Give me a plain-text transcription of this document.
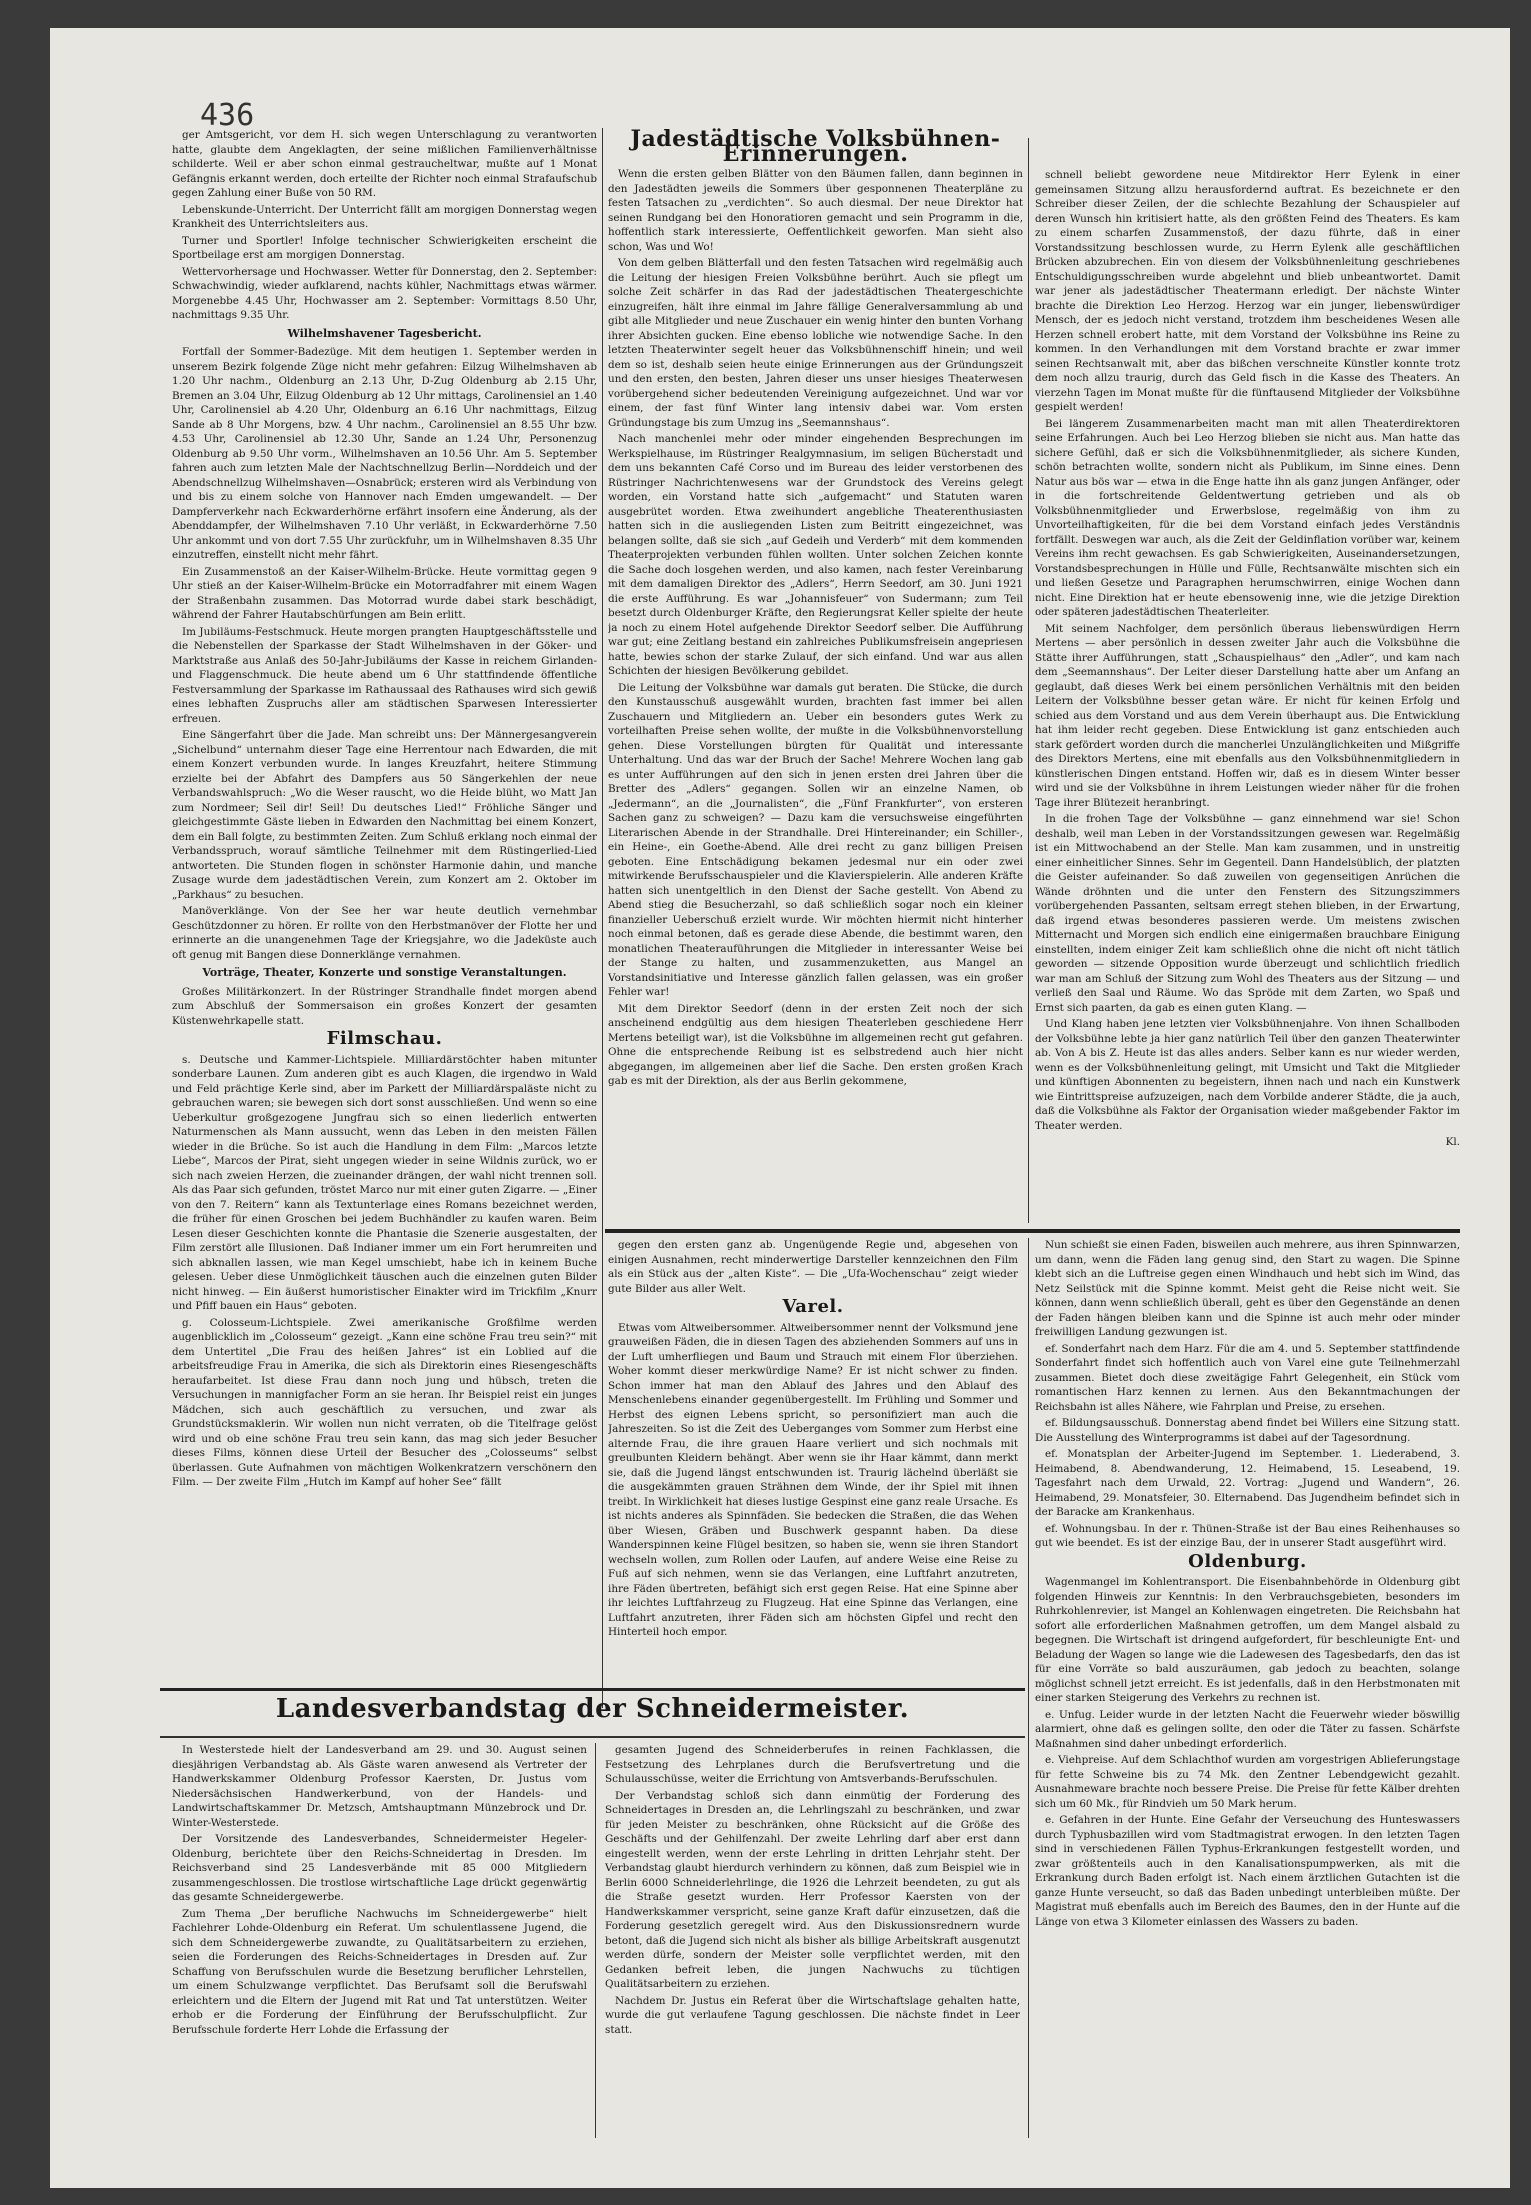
436

ger Amtsgericht, vor dem H. sich wegen Unterschlagung zu verantworten hatte, glaubte dem Angeklagten, der seine mißlichen Familienverhältnisse schilderte. Weil er aber schon einmal gestraucheltwar, mußte auf 1 Monat Gefängnis erkannt werden, doch erteilte der Richter noch einmal Strafaufschub gegen Zahlung einer Buße von 50 RM.

Lebenskunde-Unterricht. Der Unterricht fällt am morgigen Donnerstag wegen Krankheit des Unterrichtsleiters aus.

Turner und Sportler! Infolge technischer Schwierigkeiten erscheint die Sportbeilage erst am morgigen Donnerstag.

Wettervorhersage und Hochwasser. Wetter für Donnerstag, den 2. September: Schwachwindig, wieder aufklarend, nachts kühler, Nachmittags etwas wärmer. Morgenebbe 4.45 Uhr, Hochwasser am 2. September: Vormittags 8.50 Uhr, nachmittags 9.35 Uhr.

Wilhelmshavener Tagesbericht.

Fortfall der Sommer-Badezüge. Mit dem heutigen 1. September werden in unserem Bezirk folgende Züge nicht mehr gefahren: Eilzug Wilhelmshaven ab 1.20 Uhr nachm., Oldenburg an 2.13 Uhr, D-Zug Oldenburg ab 2.15 Uhr, Bremen an 3.04 Uhr, Eilzug Oldenburg ab 12 Uhr mittags, Carolinensiel an 1.40 Uhr, Carolinensiel ab 4.20 Uhr, Oldenburg an 6.16 Uhr nachmittags, Eilzug Sande ab 8 Uhr Morgens, bzw. 4 Uhr nachm., Carolinensiel an 8.55 Uhr bzw. 4.53 Uhr, Carolinensiel ab 12.30 Uhr, Sande an 1.24 Uhr, Personenzug Oldenburg ab 9.50 Uhr vorm., Wilhelmshaven an 10.56 Uhr. Am 5. September fahren auch zum letzten Male der Nachtschnellzug Berlin—Norddeich und der Abendschnellzug Wilhelmshaven—Osnabrück; ersteren wird als Verbindung von und bis zu einem solche von Hannover nach Emden umgewandelt. — Der Dampferverkehr nach Eckwarderhörne erfährt insofern eine Änderung, als der Abenddampfer, der Wilhelmshaven 7.10 Uhr verläßt, in Eckwarderhörne 7.50 Uhr ankommt und von dort 7.55 Uhr zurückfuhr, um in Wilhelmshaven 8.35 Uhr einzutreffen, einstellt nicht mehr fährt.

Ein Zusammenstoß an der Kaiser-Wilhelm-Brücke. Heute vormittag gegen 9 Uhr stieß an der Kaiser-Wilhelm-Brücke ein Motorradfahrer mit einem Wagen der Straßenbahn zusammen. Das Motorrad wurde dabei stark beschädigt, während der Fahrer Hautabschürfungen am Bein erlitt.

Im Jubiläums-Festschmuck. Heute morgen prangten Hauptgeschäftsstelle und die Nebenstellen der Sparkasse der Stadt Wilhelmshaven in der Göker- und Marktstraße aus Anlaß des 50-Jahr-Jubiläums der Kasse in reichem Girlanden- und Flaggenschmuck. Die heute abend um 6 Uhr stattfindende öffentliche Festversammlung der Sparkasse im Rathaussaal des Rathauses wird sich gewiß eines lebhaften Zuspruchs aller am städtischen Sparwesen Interessierter erfreuen.

Eine Sängerfahrt über die Jade. Man schreibt uns: Der Männergesangverein „Sichelbund“ unternahm dieser Tage eine Herrentour nach Edwarden, die mit einem Konzert verbunden wurde. In langes Kreuzfahrt, heitere Stimmung erzielte bei der Abfahrt des Dampfers aus 50 Sängerkehlen der neue Verbandswahlspruch: „Wo die Weser rauscht, wo die Heide blüht, wo Matt Jan zum Nordmeer; Seil dir! Seil! Du deutsches Lied!“ Fröhliche Sänger und gleichgestimmte Gäste lieben in Edwarden den Nachmittag bei einem Konzert, dem ein Ball folgte, zu bestimmten Zeiten. Zum Schluß erklang noch einmal der Verbandsspruch, worauf sämtliche Teilnehmer mit dem Rüstingerlied-Lied antworteten. Die Stunden flogen in schönster Harmonie dahin, und manche Zusage wurde dem jadestädtischen Verein, zum Konzert am 2. Oktober im „Parkhaus“ zu besuchen.

Manöverklänge. Von der See her war heute deutlich vernehmbar Geschützdonner zu hören. Er rollte von den Herbstmanöver der Flotte her und erinnerte an die unangenehmen Tage der Kriegsjahre, wo die Jadeküste auch oft genug mit Bangen diese Donnerklänge vernahmen.

Vorträge, Theater, Konzerte und sonstige Veranstaltungen.

Großes Militärkonzert. In der Rüstringer Strandhalle findet morgen abend zum Abschluß der Sommersaison ein großes Konzert der gesamten Küstenwehrkapelle statt.

Filmschau.

s. Deutsche und Kammer-Lichtspiele. Milliardärstöchter haben mitunter sonderbare Launen. Zum anderen gibt es auch Klagen, die irgendwo in Wald und Feld prächtige Kerle sind, aber im Parkett der Milliardärspaläste nicht zu gebrauchen waren; sie bewegen sich dort sonst ausschließen. Und wenn so eine Ueberkultur großgezogene Jungfrau sich so einen liederlich entwerten Naturmenschen als Mann aussucht, wenn das Leben in den meisten Fällen wieder in die Brüche. So ist auch die Handlung in dem Film: „Marcos letzte Liebe“, Marcos der Pirat, sieht ungegen wieder in seine Wildnis zurück, wo er sich nach zweien Herzen, die zueinander drängen, der wahl nicht trennen soll. Als das Paar sich gefunden, tröstet Marco nur mit einer guten Zigarre. — „Einer von den 7. Reitern“ kann als Textunterlage eines Romans bezeichnet werden, die früher für einen Groschen bei jedem Buchhändler zu kaufen waren. Beim Lesen dieser Geschichten konnte die Phantasie die Szenerie ausgestalten, der Film zerstört alle Illusionen. Daß Indianer immer um ein Fort herumreiten und sich abknallen lassen, wie man Kegel umschiebt, habe ich in keinem Buche gelesen. Ueber diese Unmöglichkeit täuschen auch die einzelnen guten Bilder nicht hinweg. — Ein äußerst humoristischer Einakter wird im Trickfilm „Knurr und Pfiff bauen ein Haus“ geboten.

g. Colosseum-Lichtspiele. Zwei amerikanische Großfilme werden augenblicklich im „Colosseum“ gezeigt. „Kann eine schöne Frau treu sein?“ mit dem Untertitel „Die Frau des heißen Jahres“ ist ein Loblied auf die arbeitsfreudige Frau in Amerika, die sich als Direktorin eines Riesengeschäfts heraufarbeitet. Ist diese Frau dann noch jung und hübsch, treten die Versuchungen in mannigfacher Form an sie heran. Ihr Beispiel reist ein junges Mädchen, sich auch geschäftlich zu versuchen, und zwar als Grundstücksmaklerin. Wir wollen nun nicht verraten, ob die Titelfrage gelöst wird und ob eine schöne Frau treu sein kann, das mag sich jeder Besucher dieses Films, können diese Urteil der Besucher des „Colosseums“ selbst überlassen. Gute Aufnahmen von mächtigen Wolkenkratzern verschönern den Film. — Der zweite Film „Hutch im Kampf auf hoher See“ fällt

Jadestädtische Volksbühnen-Erinnerungen.

Wenn die ersten gelben Blätter von den Bäumen fallen, dann beginnen in den Jadestädten jeweils die Sommers über gesponnenen Theaterpläne zu festen Tatsachen zu „verdichten“. So auch diesmal. Der neue Direktor hat seinen Rundgang bei den Honoratioren gemacht und sein Programm in die, hoffentlich stark interessierte, Oeffentlichkeit geworfen. Man sieht also schon, Was und Wo!

Von dem gelben Blätterfall und den festen Tatsachen wird regelmäßig auch die Leitung der hiesigen Freien Volksbühne berührt. Auch sie pflegt um solche Zeit schärfer in das Rad der jadestädtischen Theatergeschichte einzugreifen, hält ihre einmal im Jahre fällige Generalversammlung ab und gibt alle Mitglieder und neue Zuschauer ein wenig hinter den bunten Vorhang ihrer Absichten gucken. Eine ebenso lobliche wie notwendige Sache. In den letzten Theaterwinter segelt heuer das Volksbühnenschiff hinein; und weil dem so ist, deshalb seien heute einige Erinnerungen aus der Gründungszeit und den ersten, den besten, Jahren dieser uns unser hiesiges Theaterwesen vorübergehend sicher bedeutenden Vereinigung aufgezeichnet. Und war vor einem, der fast fünf Winter lang intensiv dabei war. Vom ersten Gründungstage bis zum Umzug ins „Seemannshaus“.

Nach manchenlei mehr oder minder eingehenden Besprechungen im Werkspielhause, im Rüstringer Realgymnasium, im seligen Bücherstadt und dem uns bekannten Café Corso und im Bureau des leider verstorbenen des Rüstringer Nachrichtenwesens war der Grundstock des Vereins gelegt worden, ein Vorstand hatte sich „aufgemacht“ und Statuten waren ausgebrütet worden. Etwa zweihundert angebliche Theaterenthusiasten hatten sich in die ausliegenden Listen zum Beitritt eingezeichnet, was belangen sollte, daß sie sich „auf Gedeih und Verderb“ mit dem kommenden Theaterprojekten verbunden fühlen wollten. Unter solchen Zeichen konnte die Sache doch losgehen werden, und also kamen, nach fester Vereinbarung mit dem damaligen Direktor des „Adlers“, Herrn Seedorf, am 30. Juni 1921 die erste Aufführung. Es war „Johannisfeuer“ von Sudermann; zum Teil besetzt durch Oldenburger Kräfte, den Regierungsrat Keller spielte der heute ja noch zu einem Hotel aufgehende Direktor Seedorf selber. Die Aufführung war gut; eine Zeitlang bestand ein zahlreiches Publikumsfreisein angepriesen hatte, bewies schon der starke Zulauf, der sich einfand. Und war aus allen Schichten der hiesigen Bevölkerung gebildet.

Die Leitung der Volksbühne war damals gut beraten. Die Stücke, die durch den Kunstausschuß ausgewählt wurden, brachten fast immer bei allen Zuschauern und Mitgliedern an. Ueber ein besonders gutes Werk zu vorteilhaften Preise sehen wollte, der mußte in die Volksbühnenvorstellung gehen. Diese Vorstellungen bürgten für Qualität und interessante Unterhaltung. Und das war der Bruch der Sache! Mehrere Wochen lang gab es unter Aufführungen auf den sich in jenen ersten drei Jahren über die Bretter des „Adlers“ gegangen. Sollen wir an einzelne Namen, ob „Jedermann“, an die „Journalisten“, die „Fünf Frankfurter“, von ersteren Sachen ganz zu schweigen? — Dazu kam die versuchsweise eingeführten Literarischen Abende in der Strandhalle. Drei Hintereinander; ein Schiller-, ein Heine-, ein Goethe-Abend. Alle drei recht zu ganz billigen Preisen geboten. Eine Entschädigung bekamen jedesmal nur ein oder zwei mitwirkende Berufsschauspieler und die Klavierspielerin. Alle anderen Kräfte hatten sich unentgeltlich in den Dienst der Sache gestellt. Von Abend zu Abend stieg die Besucherzahl, so daß schließlich sogar noch ein kleiner finanzieller Ueberschuß erzielt wurde. Wir möchten hiermit nicht hinterher noch einmal betonen, daß es gerade diese Abende, die bestimmt waren, den monatlichen Theaterauführungen die Mitglieder in interessanter Weise bei der Stange zu halten, und zusammenzuketten, aus Mangel an Vorstandsinitiative und Interesse gänzlich fallen gelassen, was ein großer Fehler war!

Mit dem Direktor Seedorf (denn in der ersten Zeit noch der sich anscheinend endgültig aus dem hiesigen Theaterleben geschiedene Herr Mertens beteiligt war), ist die Volksbühne im allgemeinen recht gut gefahren. Ohne die entsprechende Reibung ist es selbstredend auch hier nicht abgegangen, im allgemeinen aber lief die Sache. Den ersten großen Krach gab es mit der Direktion, als der aus Berlin gekommene,

schnell beliebt gewordene neue Mitdirektor Herr Eylenk in einer gemeinsamen Sitzung allzu herausfordernd auftrat. Es bezeichnete er den Schreiber dieser Zeilen, der die schlechte Bezahlung der Schauspieler auf deren Wunsch hin kritisiert hatte, als den größten Feind des Theaters. Es kam zu einem scharfen Zusammenstoß, der dazu führte, daß in einer Vorstandssitzung beschlossen wurde, zu Herrn Eylenk alle geschäftlichen Brücken abzubrechen. Ein von diesem der Volksbühnenleitung geschriebenes Entschuldigungsschreiben wurde abgelehnt und blieb unbeantwortet. Damit war jener als jadestädtischer Theatermann erledigt. Der nächste Winter brachte die Direktion Leo Herzog. Herzog war ein junger, liebenswürdiger Mensch, der es jedoch nicht verstand, trotzdem ihm bescheidenes Wesen alle Herzen schnell erobert hatte, mit dem Vorstand der Volksbühne ins Reine zu kommen. In den Verhandlungen mit dem Vorstand brachte er zwar immer seinen Rechtsanwalt mit, aber das bißchen verschneite Künstler konnte trotz dem noch allzu traurig, durch das Geld fisch in die Kasse des Theaters. An vierzehn Tagen im Monat mußte für die fünftausend Mitglieder der Volksbühne gespielt werden!

Bei längerem Zusammenarbeiten macht man mit allen Theaterdirektoren seine Erfahrungen. Auch bei Leo Herzog blieben sie nicht aus. Man hatte das sichere Gefühl, daß er sich die Volksbühnenmitglieder, als sichere Kunden, schön betrachten wollte, sondern nicht als Publikum, im Sinne eines. Denn Natur aus bös war — etwa in die Enge hatte ihn als ganz jungen Anfänger, oder in die fortschreitende Geldentwertung getrieben und als ob Volksbühnenmitglieder und Erwerbslose, regelmäßig von ihm zu Unvorteilhaftigkeiten, für die bei dem Vorstand einfach jedes Verständnis fortfällt. Deswegen war auch, als die Zeit der Geldinflation vorüber war, keinem Vereins ihm recht gewachsen. Es gab Schwierigkeiten, Auseinandersetzungen, Vorstandsbesprechungen in Hülle und Fülle, Rechtsanwälte mischten sich ein und ließen Gesetze und Paragraphen herumschwirren, einige Wochen dann nicht. Eine Direktion hat er heute ebensowenig inne, wie die jetzige Direktion oder späteren jadestädtischen Theaterleiter.

Mit seinem Nachfolger, dem persönlich überaus liebenswürdigen Herrn Mertens — aber persönlich in dessen zweiter Jahr auch die Volksbühne die Stätte ihrer Aufführungen, statt „Schauspielhaus“ den „Adler“, und kam nach dem „Seemannshaus“. Der Leiter dieser Darstellung hatte aber um Anfang an geglaubt, daß dieses Werk bei einem persönlichen Verhältnis mit den beiden Leitern der Volksbühne besser getan wäre. Er nicht für keinen Erfolg und schied aus dem Vorstand und aus dem Verein überhaupt aus. Die Entwicklung hat ihm leider recht gegeben. Diese Entwicklung ist ganz entschieden auch stark gefördert worden durch die mancherlei Unzulänglichkeiten und Mißgriffe des Direktors Mertens, eine mit ebenfalls aus den Volksbühnenmitgliedern in künstlerischen Dingen entstand. Hoffen wir, daß es in diesem Winter besser wird und sie der Volksbühne in ihrem Leistungen wieder näher für die frohen Tage ihrer Blütezeit heranbringt.

In die frohen Tage der Volksbühne — ganz einnehmend war sie! Schon deshalb, weil man Leben in der Vorstandssitzungen gewesen war. Regelmäßig ist ein Mittwochabend an der Stelle. Man kam zusammen, und in unstreitig einer einheitlicher Sinnes. Sehr im Gegenteil. Dann Handelsüblich, der platzten die Geister aufeinander. So daß zuweilen von gegenseitigen Anrüchen die Wände dröhnten und die unter den Fenstern des Sitzungszimmers vorübergehenden Passanten, seltsam erregt stehen blieben, in der Erwartung, daß irgend etwas besonderes passieren werde. Um meistens zwischen Mitternacht und Morgen sich endlich eine einigermaßen brauchbare Einigung einstellten, indem einiger Zeit kam schließlich ohne die nicht oft nicht tätlich geworden — sitzende Opposition wurde überzeugt und schlichtlich friedlich war man am Schluß der Sitzung zum Wohl des Theaters aus der Sitzung — und verließ den Saal und Räume. Wo das Spröde mit dem Zarten, wo Spaß und Ernst sich paarten, da gab es einen guten Klang. —

Und Klang haben jene letzten vier Volksbühnenjahre. Von ihnen Schallboden der Volksbühne lebte ja hier ganz natürlich Teil über den ganzen Theaterwinter ab. Von A bis Z. Heute ist das alles anders. Selber kann es nur wieder werden, wenn es der Volksbühnenleitung gelingt, mit Umsicht und Takt die Mitglieder und künftigen Abonnenten zu begeistern, ihnen nach und nach ein Kunstwerk wie Eintrittspreise aufzuzeigen, nach dem Vorbilde anderer Städte, die ja auch, daß die Volksbühne als Faktor der Organisation wieder maßgebender Faktor im Theater werden.

Kl.

gegen den ersten ganz ab. Ungenügende Regie und, abgesehen von einigen Ausnahmen, recht minderwertige Darsteller kennzeichnen den Film als ein Stück aus der „alten Kiste“. — Die „Ufa-Wochenschau“ zeigt wieder gute Bilder aus aller Welt.

Varel.

Etwas vom Altweibersommer. Altweibersommer nennt der Volksmund jene grauweißen Fäden, die in diesen Tagen des abziehenden Sommers auf uns in der Luft umherfliegen und Baum und Strauch mit einem Flor überziehen. Woher kommt dieser merkwürdige Name? Er ist nicht schwer zu finden. Schon immer hat man den Ablauf des Jahres und den Ablauf des Menschenlebens einander gegenübergestellt. Im Frühling und Sommer und Herbst des eignen Lebens spricht, so personifiziert man auch die Jahreszeiten. So ist die Zeit des Ueberganges vom Sommer zum Herbst eine alternde Frau, die ihre grauen Haare verliert und sich nochmals mit greulbunten Kleidern behängt. Aber wenn sie ihr Haar kämmt, dann merkt sie, daß die Jugend längst entschwunden ist. Traurig lächelnd überläßt sie die ausgekämmten grauen Strähnen dem Winde, der ihr Spiel mit ihnen treibt. In Wirklichkeit hat dieses lustige Gespinst eine ganz reale Ursache. Es ist nichts anderes als Spinnfäden. Sie bedecken die Straßen, die das Wehen über Wiesen, Gräben und Buschwerk gespannt haben. Da diese Wanderspinnen keine Flügel besitzen, so haben sie, wenn sie ihren Standort wechseln wollen, zum Rollen oder Laufen, auf andere Weise eine Reise zu Fuß auf sich nehmen, wenn sie das Verlangen, eine Luftfahrt anzutreten, ihre Fäden übertreten, befähigt sich erst gegen Reise. Hat eine Spinne aber ihr leichtes Luftfahrzeug zu Flugzeug. Hat eine Spinne das Verlangen, eine Luftfahrt anzutreten, ihrer Fäden sich am höchsten Gipfel und recht den Hinterteil hoch empor.

Nun schießt sie einen Faden, bisweilen auch mehrere, aus ihren Spinnwarzen, um dann, wenn die Fäden lang genug sind, den Start zu wagen. Die Spinne klebt sich an die Luftreise gegen einen Windhauch und hebt sich im Wind, das Netz Seilstück mit die Spinne kommt. Meist geht die Reise nicht weit. Sie können, dann wenn schließlich überall, geht es über den Gegenstände an denen der Faden hängen bleiben kann und die Spinne ist auch mehr oder minder freiwilligen Landung gezwungen ist.

ef. Sonderfahrt nach dem Harz. Für die am 4. und 5. September stattfindende Sonderfahrt findet sich hoffentlich auch von Varel eine gute Teilnehmerzahl zusammen. Bietet doch diese zweitägige Fahrt Gelegenheit, ein Stück vom romantischen Harz kennen zu lernen. Aus den Bekanntmachungen der Reichsbahn ist alles Nähere, wie Fahrplan und Preise, zu ersehen.

ef. Bildungsausschuß. Donnerstag abend findet bei Willers eine Sitzung statt. Die Ausstellung des Winterprogramms ist dabei auf der Tagesordnung.

ef. Monatsplan der Arbeiter-Jugend im September. 1. Liederabend, 3. Heimabend, 8. Abendwanderung, 12. Heimabend, 15. Leseabend, 19. Tagesfahrt nach dem Urwald, 22. Vortrag: „Jugend und Wandern“, 26. Heimabend, 29. Monatsfeier, 30. Elternabend. Das Jugendheim befindet sich in der Baracke am Krankenhaus.

ef. Wohnungsbau. In der r. Thünen-Straße ist der Bau eines Reihenhauses so gut wie beendet. Es ist der einzige Bau, der in unserer Stadt ausgeführt wird.

Oldenburg.

Wagenmangel im Kohlentransport. Die Eisenbahnbehörde in Oldenburg gibt folgenden Hinweis zur Kenntnis: In den Verbrauchsgebieten, besonders im Ruhrkohlenrevier, ist Mangel an Kohlenwagen eingetreten. Die Reichsbahn hat sofort alle erforderlichen Maßnahmen getroffen, um dem Mangel alsbald zu begegnen. Die Wirtschaft ist dringend aufgefordert, für beschleunigte Ent- und Beladung der Wagen so lange wie die Ladewesen des Tagesbedarfs, den das ist für eine Vorräte so bald auszuräumen, gab jedoch zu beachten, solange möglichst schnell jetzt erreicht. Es ist jedenfalls, daß in den Herbstmonaten mit einer starken Steigerung des Verkehrs zu rechnen ist.

e. Unfug. Leider wurde in der letzten Nacht die Feuerwehr wieder böswillig alarmiert, ohne daß es gelingen sollte, den oder die Täter zu fassen. Schärfste Maßnahmen sind daher unbedingt erforderlich.

e. Viehpreise. Auf dem Schlachthof wurden am vorgestrigen Ablieferungstage für fette Schweine bis zu 74 Mk. den Zentner Lebendgewicht gezahlt. Ausnahmeware brachte noch bessere Preise. Die Preise für fette Kälber drehten sich um 60 Mk., für Rindvieh um 50 Mark herum.

e. Gefahren in der Hunte. Eine Gefahr der Verseuchung des Hunteswassers durch Typhusbazillen wird vom Stadtmagistrat erwogen. In den letzten Tagen sind in verschiedenen Fällen Typhus-Erkrankungen festgestellt worden, und zwar größtenteils auch in den Kanalisationspumpwerken, als mit die Erkrankung durch Baden erfolgt ist. Nach einem ärztlichen Gutachten ist die ganze Hunte verseucht, so daß das Baden unbedingt unterbleiben müßte. Der Magistrat muß ebenfalls auch im Bereich des Baumes, den in der Hunte auf die Länge von etwa 3 Kilometer einlassen des Wassers zu baden.

Landesverbandstag der Schneidermeister.

In Westerstede hielt der Landesverband am 29. und 30. August seinen diesjährigen Verbandstag ab. Als Gäste waren anwesend als Vertreter der Handwerkskammer Oldenburg Professor Kaersten, Dr. Justus vom Niedersächsischen Handwerkerbund, von der Handels- und Landwirtschaftskammer Dr. Metzsch, Amtshauptmann Münzebrock und Dr. Winter-Westerstede.

Der Vorsitzende des Landesverbandes, Schneidermeister Hegeler-Oldenburg, berichtete über den Reichs-Schneidertag in Dresden. Im Reichsverband sind 25 Landesverbände mit 85 000 Mitgliedern zusammengeschlossen. Die trostlose wirtschaftliche Lage drückt gegenwärtig das gesamte Schneidergewerbe.

Zum Thema „Der berufliche Nachwuchs im Schneidergewerbe“ hielt Fachlehrer Lohde-Oldenburg ein Referat. Um schulentlassene Jugend, die sich dem Schneidergewerbe zuwandte, zu Qualitätsarbeitern zu erziehen, seien die Forderungen des Reichs-Schneidertages in Dresden auf. Zur Schaffung von Berufsschulen wurde die Besetzung beruflicher Lehrstellen, um einem Schulzwange verpflichtet. Das Berufsamt soll die Berufswahl erleichtern und die Eltern der Jugend mit Rat und Tat unterstützen. Weiter erhob er die Forderung der Einführung der Berufsschulpflicht. Zur Berufsschule forderte Herr Lohde die Erfassung der

gesamten Jugend des Schneiderberufes in reinen Fachklassen, die Festsetzung des Lehrplanes durch die Berufsvertretung und die Schulausschüsse, weiter die Errichtung von Amtsverbands-Berufsschulen.

Der Verbandstag schloß sich dann einmütig der Forderung des Schneidertages in Dresden an, die Lehrlingszahl zu beschränken, und zwar für jeden Meister zu beschränken, ohne Rücksicht auf die Größe des Geschäfts und der Gehilfenzahl. Der zweite Lehrling darf aber erst dann eingestellt werden, wenn der erste Lehrling in dritten Lehrjahr steht. Der Verbandstag glaubt hierdurch verhindern zu können, daß zum Beispiel wie in Berlin 6000 Schneiderlehrlinge, die 1926 die Lehrzeit beendeten, zu gut als die Straße gesetzt wurden. Herr Professor Kaersten von der Handwerkskammer verspricht, seine ganze Kraft dafür einzusetzen, daß die Forderung gesetzlich geregelt wird. Aus den Diskussionsrednern wurde betont, daß die Jugend sich nicht als bisher als billige Arbeitskraft ausgenutzt werden dürfe, sondern der Meister solle verpflichtet werden, mit den Gedanken befreit leben, die jungen Nachwuchs zu tüchtigen Qualitätsarbeitern zu erziehen.

Nachdem Dr. Justus ein Referat über die Wirtschaftslage gehalten hatte, wurde die gut verlaufene Tagung geschlossen. Die nächste findet in Leer statt.
